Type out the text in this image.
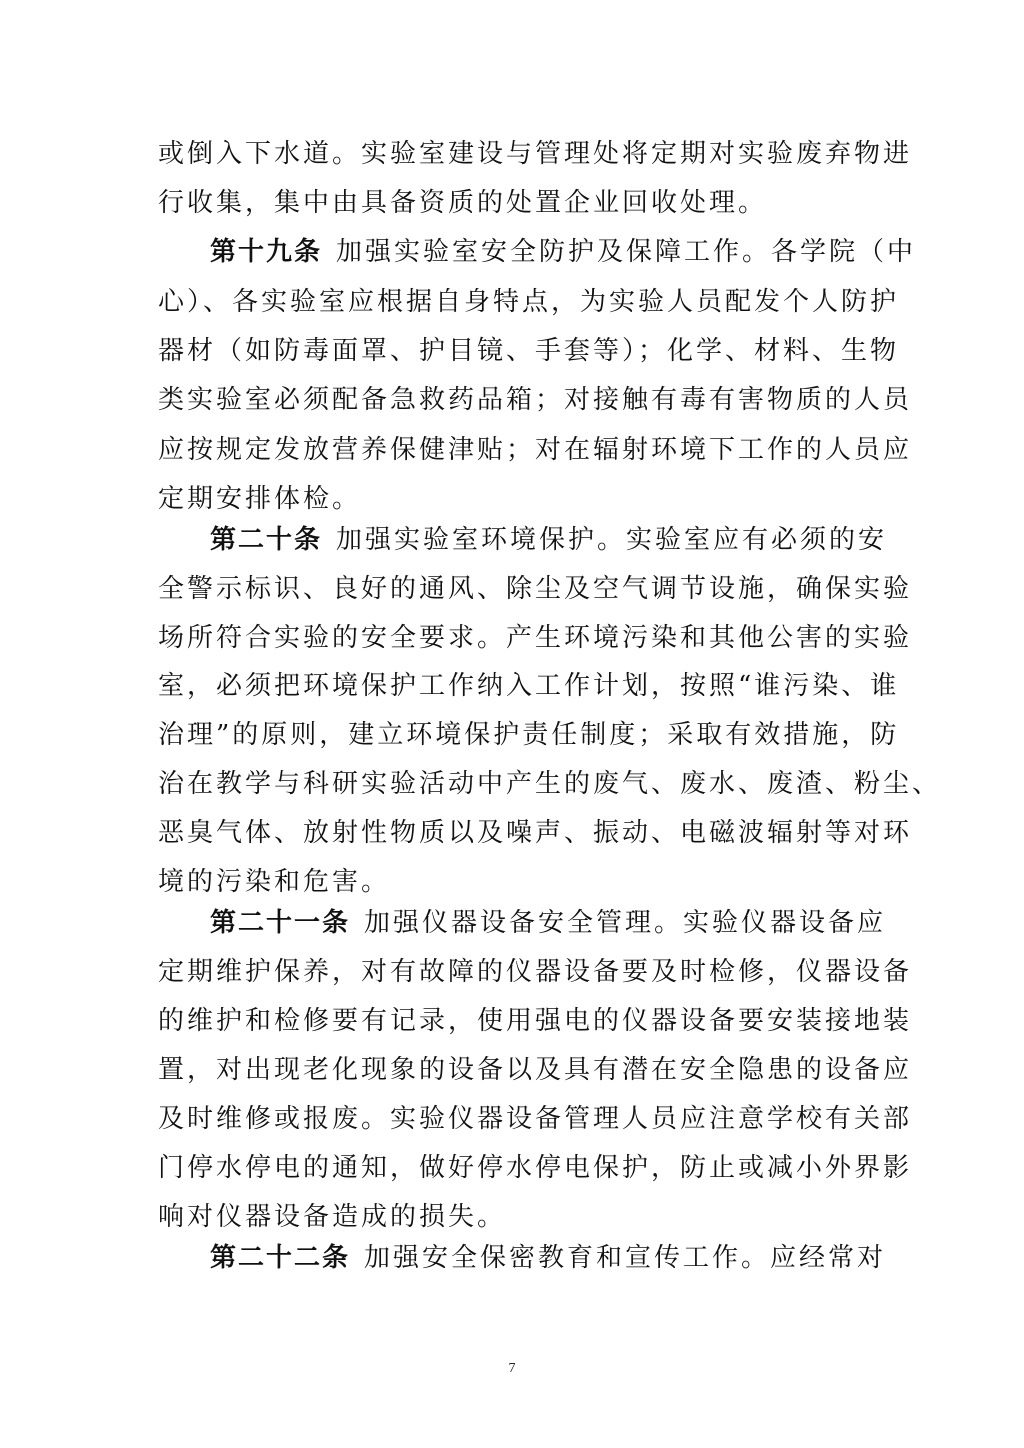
或倒入下水道。实验室建设与管理处将定期对实验废弃物进
行收集，集中由具备资质的处置企业回收处理。
第十九条 加强实验室安全防护及保障工作。各学院（中
心）、各实验室应根据自身特点，为实验人员配发个人防护
器材（如防毒面罩、护目镜、手套等）；化学、材料、生物
类实验室必须配备急救药品箱；对接触有毒有害物质的人员
应按规定发放营养保健津贴；对在辐射环境下工作的人员应
定期安排体检。
第二十条 加强实验室环境保护。实验室应有必须的安
全警示标识、良好的通风、除尘及空气调节设施，确保实验
场所符合实验的安全要求。产生环境污染和其他公害的实验
室，必须把环境保护工作纳入工作计划，按照“谁污染、谁
治理”的原则，建立环境保护责任制度；采取有效措施，防
治在教学与科研实验活动中产生的废气、废水、废渣、粉尘、
恶臭气体、放射性物质以及噪声、振动、电磁波辐射等对环
境的污染和危害。
第二十一条 加强仪器设备安全管理。实验仪器设备应
定期维护保养，对有故障的仪器设备要及时检修，仪器设备
的维护和检修要有记录，使用强电的仪器设备要安装接地装
置，对出现老化现象的设备以及具有潜在安全隐患的设备应
及时维修或报废。实验仪器设备管理人员应注意学校有关部
门停水停电的通知，做好停水停电保护，防止或减小外界影
响对仪器设备造成的损失。
第二十二条 加强安全保密教育和宣传工作。应经常对
7
